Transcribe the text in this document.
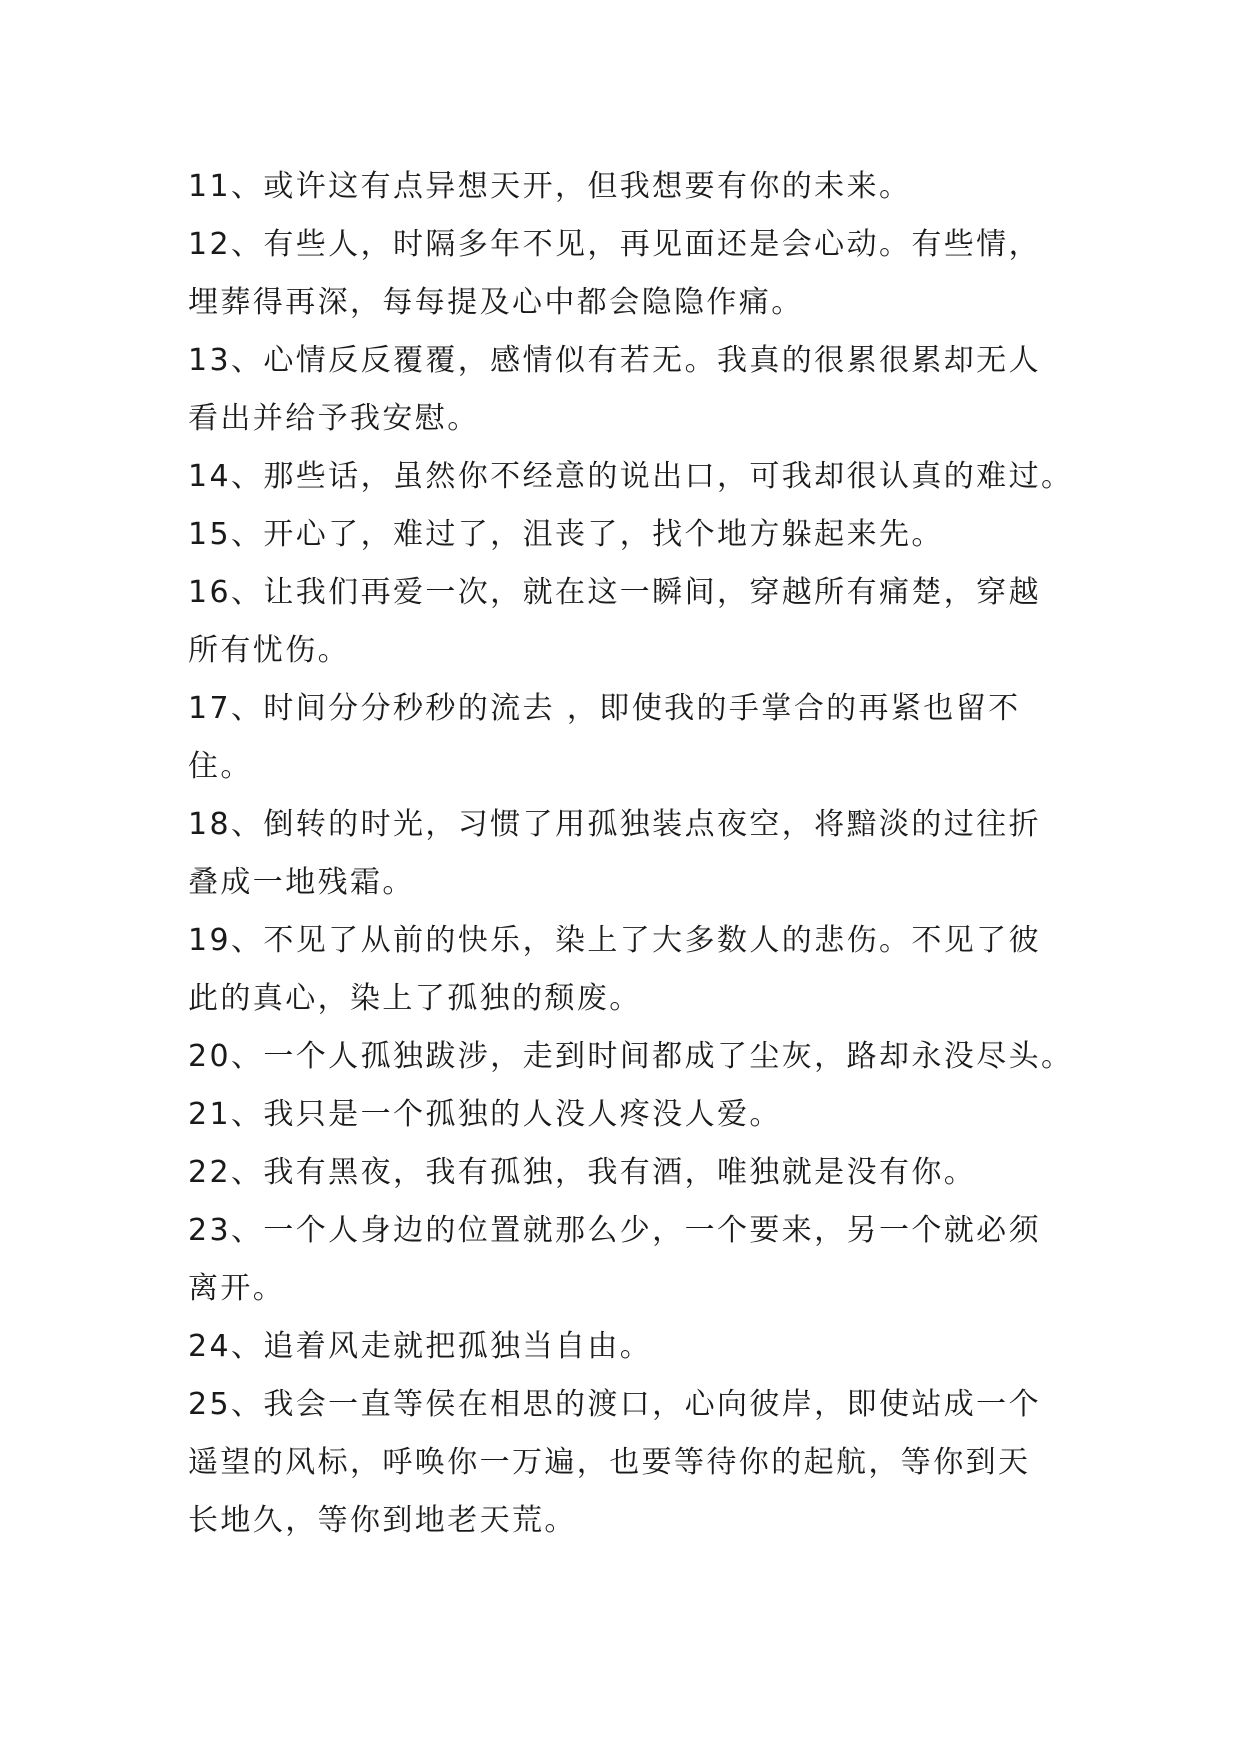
11、或许这有点异想天开，但我想要有你的未来。
12、有些人，时隔多年不见，再见面还是会心动。有些情，
埋葬得再深，每每提及心中都会隐隐作痛。
13、心情反反覆覆，感情似有若无。我真的很累很累却无人
看出并给予我安慰。
14、那些话，虽然你不经意的说出口，可我却很认真的难过。
15、开心了，难过了，沮丧了，找个地方躲起来先。
16、让我们再爱一次，就在这一瞬间，穿越所有痛楚，穿越
所有忧伤。
17、时间分分秒秒的流去 ，即使我的手掌合的再紧也留不
住。
18、倒转的时光，习惯了用孤独装点夜空，将黯淡的过往折
叠成一地残霜。
19、不见了从前的快乐，染上了大多数人的悲伤。不见了彼
此的真心，染上了孤独的颓废。
20、一个人孤独跋涉，走到时间都成了尘灰，路却永没尽头。
21、我只是一个孤独的人没人疼没人爱。
22、我有黑夜，我有孤独，我有酒，唯独就是没有你。
23、一个人身边的位置就那么少，一个要来，另一个就必须
离开。
24、追着风走就把孤独当自由。
25、我会一直等侯在相思的渡口，心向彼岸，即使站成一个
遥望的风标，呼唤你一万遍，也要等待你的起航，等你到天
长地久，等你到地老天荒。
